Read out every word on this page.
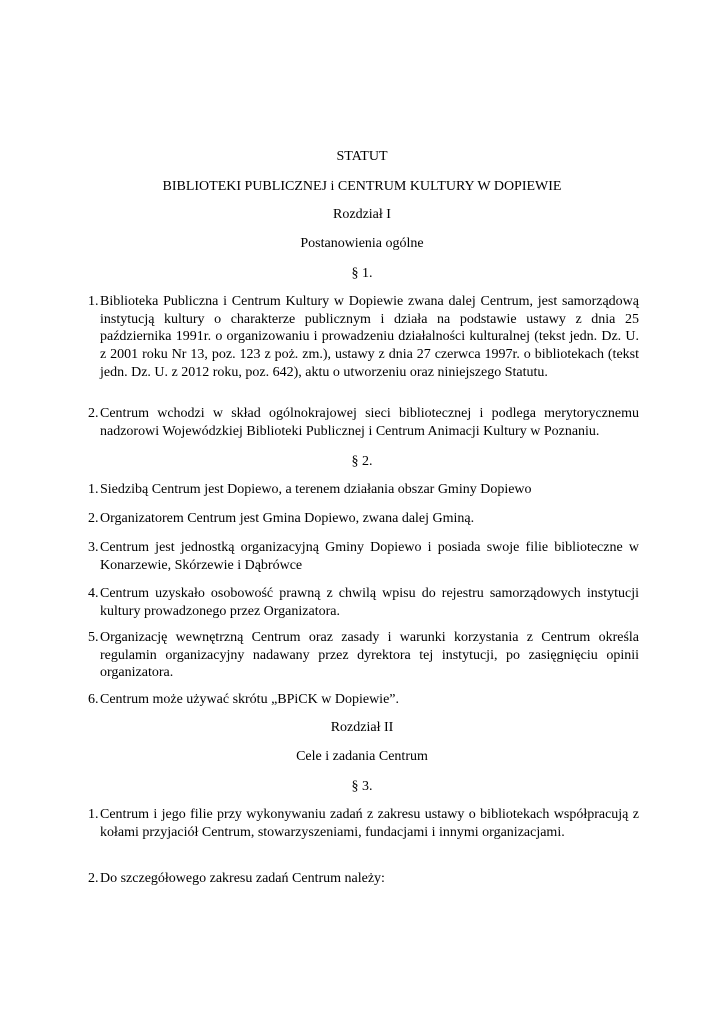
STATUT
BIBLIOTEKI PUBLICZNEJ i CENTRUM KULTURY W DOPIEWIE
Rozdział I
Postanowienia ogólne
§ 1.
1. Biblioteka Publiczna i Centrum Kultury w Dopiewie zwana dalej Centrum, jest samorządową instytucją kultury o charakterze publicznym i działa na podstawie ustawy z dnia 25 października 1991r. o organizowaniu i prowadzeniu działalności kulturalnej (tekst jedn. Dz. U. z 2001 roku Nr 13, poz. 123 z poż. zm.), ustawy z dnia 27 czerwca 1997r. o bibliotekach (tekst jedn. Dz. U. z 2012 roku, poz. 642), aktu o utworzeniu oraz niniejszego Statutu.
2. Centrum wchodzi w skład ogólnokrajowej sieci bibliotecznej i podlega merytorycznemu nadzorowi Wojewódzkiej Biblioteki Publicznej i Centrum Animacji Kultury w Poznaniu.
§ 2.
1. Siedzibą Centrum jest Dopiewo, a terenem działania obszar Gminy Dopiewo
2. Organizatorem Centrum jest Gmina Dopiewo, zwana dalej Gminą.
3. Centrum jest jednostką organizacyjną Gminy Dopiewo i posiada swoje filie biblioteczne w Konarzewie, Skórzewie i Dąbrówce
4. Centrum uzyskało osobowość prawną z chwilą wpisu do rejestru samorządowych instytucji kultury prowadzonego przez Organizatora.
5. Organizację wewnętrzną Centrum oraz zasady i warunki korzystania z Centrum określa regulamin organizacyjny nadawany przez dyrektora tej instytucji, po zasięgnięciu opinii organizatora.
6. Centrum może używać skrótu „BPiCK w Dopiewie”.
Rozdział II
Cele i zadania Centrum
§ 3.
1. Centrum i jego filie przy wykonywaniu zadań z zakresu ustawy o bibliotekach współpracują z kołami przyjaciół Centrum, stowarzyszeniami, fundacjami i innymi organizacjami.
2. Do szczegółowego zakresu zadań Centrum należy:
